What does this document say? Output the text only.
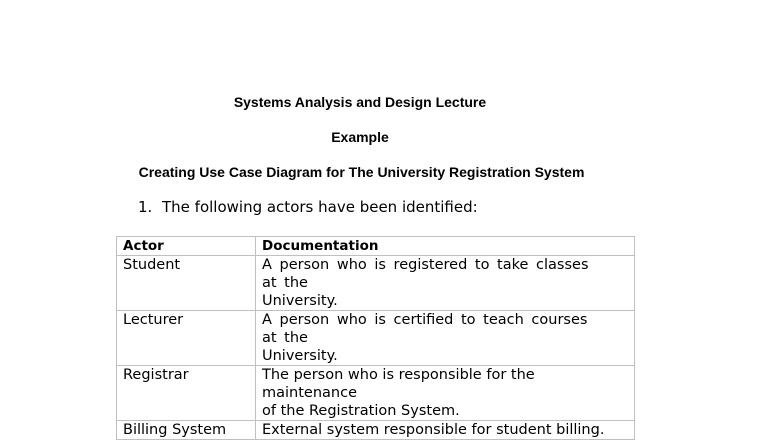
Systems Analysis and Design Lecture
Example
Creating Use Case Diagram for The University Registration System
1. The following actors have been identified:
Actor	Documentation
Student	A person who is registered to take classes
at the
University.

Lecturer	A person who is certified to teach courses
at the
University.

Registrar	The person who is responsible for the
maintenance
of the Registration System.

Billing System	External system responsible for student billing.
